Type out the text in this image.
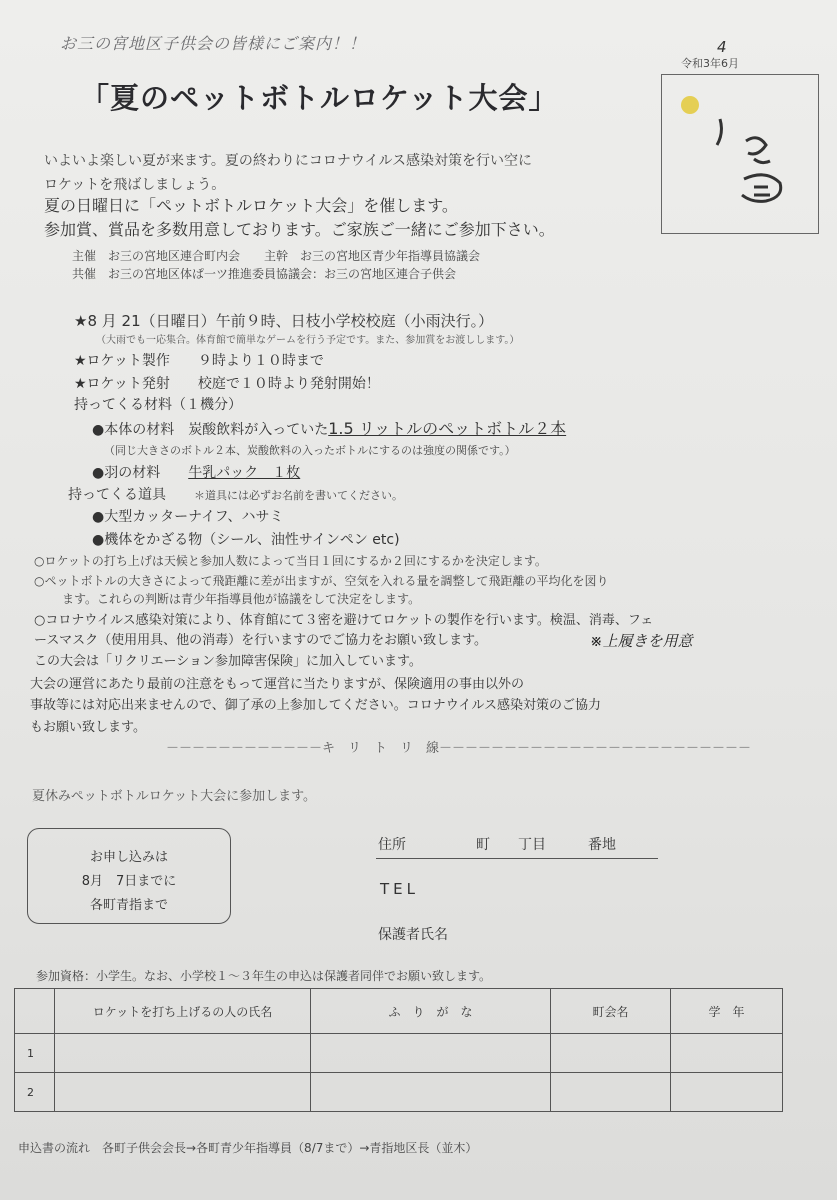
お三の宮地区子供会の皆様にご案内！！	4
令和3年6月
「夏のペットボトルロケット大会」
いよいよ楽しい夏が来ます。夏の終わりにコロナウイルス感染対策を行い空に
ロケットを飛ばしましょう。
夏の日曜日に「ペットボトルロケット大会」を催します。
参加賞、賞品を多数用意しております。ご家族ご一緒にご参加下さい。
主催　お三の宮地区連合町内会　　主幹　お三の宮地区青少年指導員協議会
共催　お三の宮地区体ぱ一ツ推進委員協議会：お三の宮地区連合子供会
★8 月 21（日曜日）午前９時、日枝小学校校庭（小雨決行。）
（大雨でも一応集合。体育館で簡単なゲームを行う予定です。また、参加賞をお渡しします。）
★ロケット製作　　９時より１０時まで
★ロケット発射　　校庭で１０時より発射開始！
持ってくる材料（１機分）
●本体の材料　炭酸飲料が入っていた1.5 リットルのペットボトル２本
（同じ大きさのボトル２本、炭酸飲料の入ったボトルにするのは強度の関係です。）
●羽の材料　　牛乳パック　１枚
持ってくる道具　　	＊道具には必ずお名前を書いてください。
●大型カッターナイフ、ハサミ
●機体をかざる物（シール、油性サインペン etc)
○ロケットの打ち上げは天候と参加人数によって当日１回にするか２回にするかを決定します。
○ペットボトルの大きさによって飛距離に差が出ますが、空気を入れる量を調整して飛距離の平均化を図り
ます。これらの判断は青少年指導員他が協議をして決定をします。
○コロナウイルス感染対策により、体育館にて３密を避けてロケットの製作を行います。検温、消毒、フェ
ースマスク（使用用具、他の消毒）を行いますのでご協力をお願い致します。	※上履きを用意
この大会は「リクリエーション参加障害保険」に加入しています。
大会の運営にあたり最前の注意をもって運営に当たりますが、保険適用の事由以外の
事故等には対応出来ませんので、御了承の上参加してください。コロナウイルス感染対策のご協力
もお願い致します。
－－－－－－－－－－－－キ　リ　ト　リ　線－－－－－－－－－－－－－－－－－－－－－－－－
夏休みペットボトルロケット大会に参加します。
お申し込みは
8月　7日までに
各町青指まで
住所　　　　　町　　丁目　　　番地
TEL
保護者氏名
参加資格：小学生。なお、小学校１～３年生の申込は保護者同伴でお願い致します。
	ロケットを打ち上げるの人の氏名	ふ　り　が　な	町会名	学　年
1				
2				
申込書の流れ　各町子供会会長→各町青少年指導員（8/7まで）→青指地区長（並木）
